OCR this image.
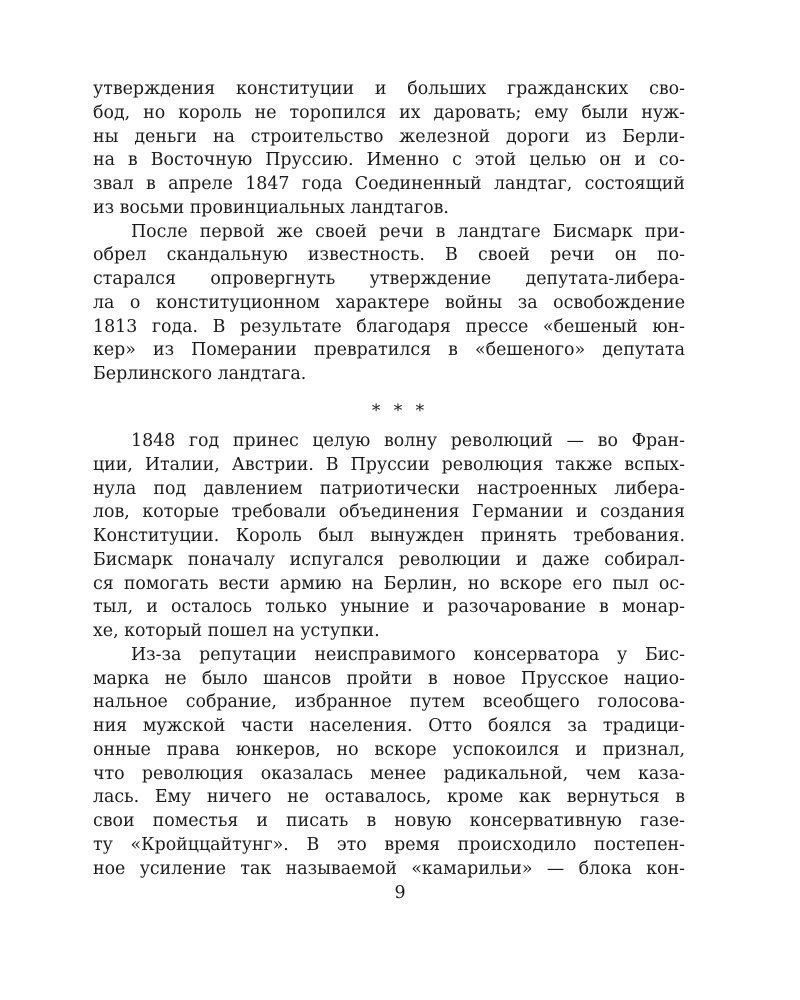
утверждения конституции и больших гражданских сво-
бод, но король не торопился их даровать; ему были нуж-
ны деньги на строительство железной дороги из Берли-
на в Восточную Пруссию. Именно с этой целью он и со-
звал в апреле 1847 года Соединенный ландтаг, состоящий
из восьми провинциальных ландтагов.
После первой же своей речи в ландтаге Бисмарк при-
обрел скандальную известность. В своей речи он по-
старался опровергнуть утверждение депутата-либера-
ла о конституционном характере войны за освобождение
1813 года. В результате благодаря прессе «бешеный юн-
кер» из Померании превратился в «бешеного» депутата
Берлинского ландтага.
* * *
1848 год принес целую волну революций — во Фран-
ции, Италии, Австрии. В Пруссии революция также вспых-
нула под давлением патриотически настроенных либера-
лов, которые требовали объединения Германии и создания
Конституции. Король был вынужден принять требования.
Бисмарк поначалу испугался революции и даже собирал-
ся помогать вести армию на Берлин, но вскоре его пыл ос-
тыл, и осталось только уныние и разочарование в монар-
хе, который пошел на уступки.
Из-за репутации неисправимого консерватора у Бис-
марка не было шансов пройти в новое Прусское нацио-
нальное собрание, избранное путем всеобщего голосова-
ния мужской части населения. Отто боялся за традици-
онные права юнкеров, но вскоре успокоился и признал,
что революция оказалась менее радикальной, чем каза-
лась. Ему ничего не оставалось, кроме как вернуться в
свои поместья и писать в новую консервативную газе-
ту «Кройццайтунг». В это время происходило постепен-
ное усиление так называемой «камарильи» — блока кон-
9
